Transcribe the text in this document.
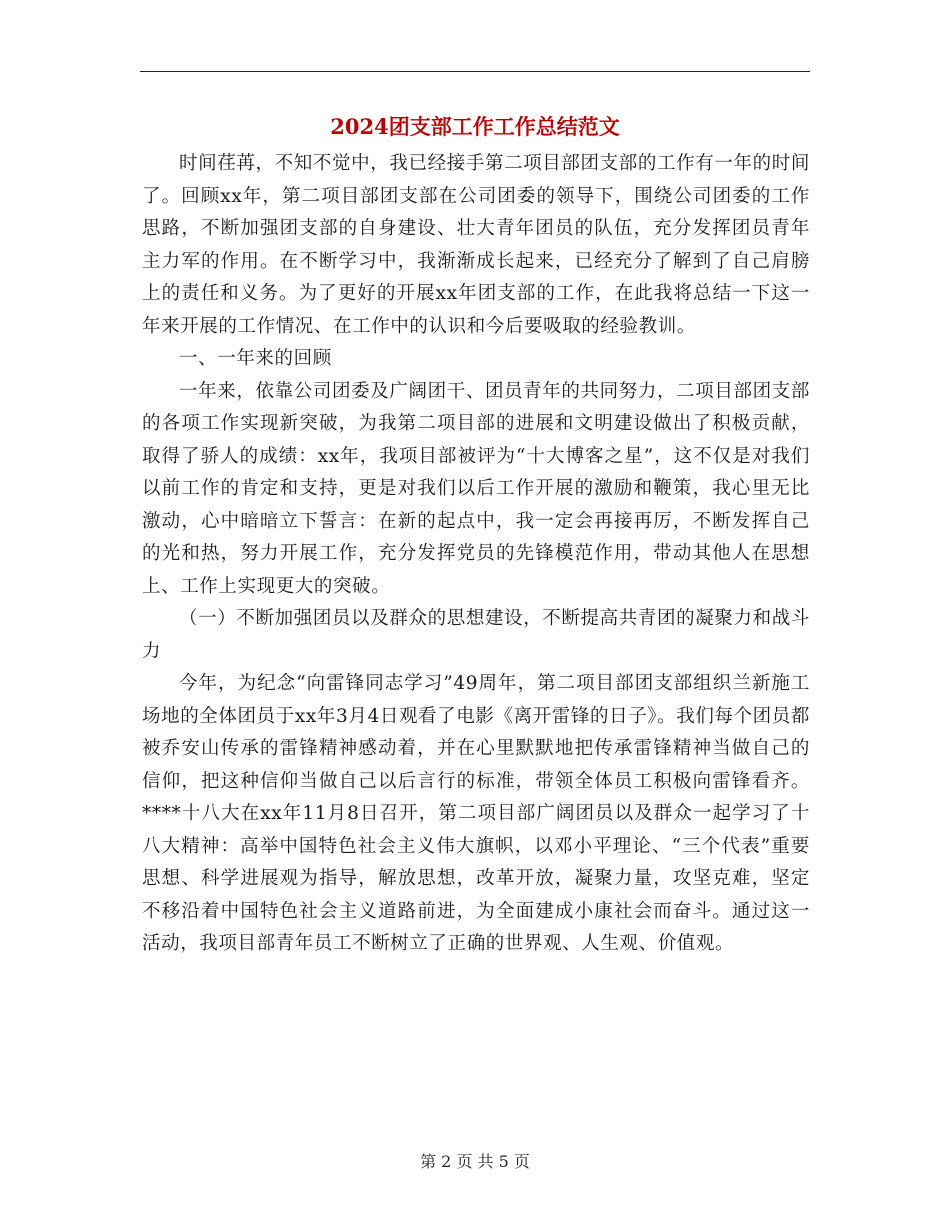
2024团支部工作工作总结范文

时间荏苒，不知不觉中，我已经接手第二项目部团支部的工作有一年的时间了。回顾xx年，第二项目部团支部在公司团委的领导下，围绕公司团委的工作思路，不断加强团支部的自身建设、壮大青年团员的队伍，充分发挥团员青年主力军的作用。在不断学习中，我渐渐成长起来，已经充分了解到了自己肩膀上的责任和义务。为了更好的开展xx年团支部的工作，在此我将总结一下这一年来开展的工作情况、在工作中的认识和今后要吸取的经验教训。

一、一年来的回顾

一年来，依靠公司团委及广阔团干、团员青年的共同努力，二项目部团支部的各项工作实现新突破，为我第二项目部的进展和文明建设做出了积极贡献，取得了骄人的成绩：xx年，我项目部被评为“十大博客之星”，这不仅是对我们以前工作的肯定和支持，更是对我们以后工作开展的激励和鞭策，我心里无比激动，心中暗暗立下誓言：在新的起点中，我一定会再接再厉，不断发挥自己的光和热，努力开展工作，充分发挥党员的先锋模范作用，带动其他人在思想上、工作上实现更大的突破。

（一）不断加强团员以及群众的思想建设，不断提高共青团的凝聚力和战斗力

今年，为纪念“向雷锋同志学习”49周年，第二项目部团支部组织兰新施工场地的全体团员于xx年3月4日观看了电影《离开雷锋的日子》。我们每个团员都被乔安山传承的雷锋精神感动着，并在心里默默地把传承雷锋精神当做自己的信仰，把这种信仰当做自己以后言行的标准，带领全体员工积极向雷锋看齐。****十八大在xx年11月8日召开，第二项目部广阔团员以及群众一起学习了十八大精神：高举中国特色社会主义伟大旗帜，以邓小平理论、“三个代表”重要思想、科学进展观为指导，解放思想，改革开放，凝聚力量，攻坚克难，坚定不移沿着中国特色社会主义道路前进，为全面建成小康社会而奋斗。通过这一活动，我项目部青年员工不断树立了正确的世界观、人生观、价值观。

第 2 页 共 5 页
